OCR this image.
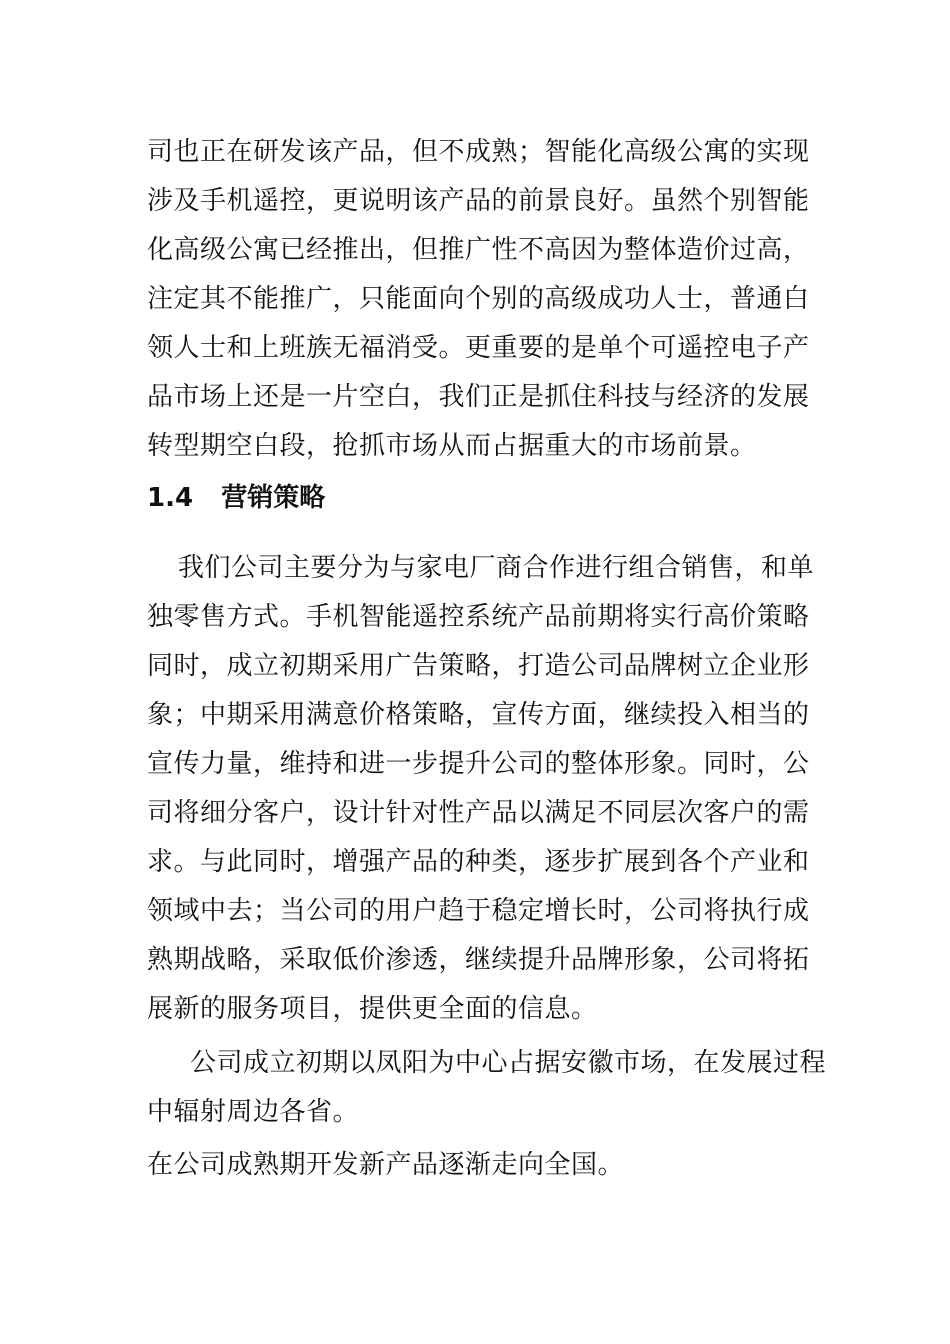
司也正在研发该产品，但不成熟；智能化高级公寓的实现

涉及手机遥控，更说明该产品的前景良好。虽然个别智能

化高级公寓已经推出，但推广性不高因为整体造价过高，

注定其不能推广，只能面向个别的高级成功人士，普通白

领人士和上班族无福消受。更重要的是单个可遥控电子产

品市场上还是一片空白，我们正是抓住科技与经济的发展

转型期空白段，抢抓市场从而占据重大的市场前景。

1.4 营销策略

我们公司主要分为与家电厂商合作进行组合销售，和单

独零售方式。手机智能遥控系统产品前期将实行高价策略

同时，成立初期采用广告策略，打造公司品牌树立企业形

象；中期采用满意价格策略，宣传方面，继续投入相当的

宣传力量，维持和进一步提升公司的整体形象。同时，公

司将细分客户，设计针对性产品以满足不同层次客户的需

求。与此同时，增强产品的种类，逐步扩展到各个产业和

领域中去；当公司的用户趋于稳定增长时，公司将执行成

熟期战略，采取低价渗透，继续提升品牌形象，公司将拓

展新的服务项目，提供更全面的信息。

公司成立初期以凤阳为中心占据安徽市场，在发展过程

中辐射周边各省。

在公司成熟期开发新产品逐渐走向全国。
